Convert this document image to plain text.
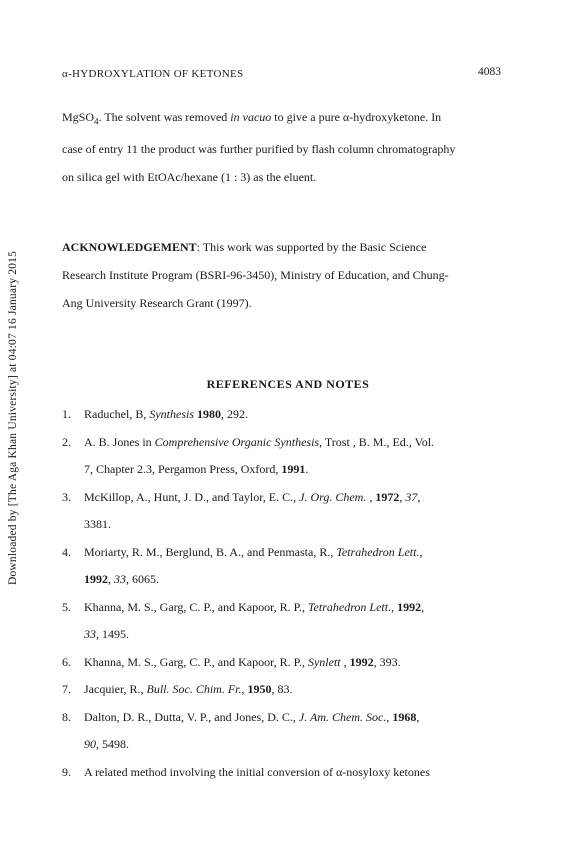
α-HYDROXYLATION OF KETONES	4083
Downloaded by [The Aga Khan University] at 04:07 16 January 2015
MgSO$_4$. The solvent was removed in vacuo to give a pure α-hydroxyketone. In
case of entry 11 the product was further purified by flash column chromatography
on silica gel with EtOAc/hexane (1 : 3) as the eluent.
ACKNOWLEDGEMENT: This work was supported by the Basic Science
Research Institute Program (BSRI-96-3450), Ministry of Education, and Chung-
Ang University Research Grant (1997).
REFERENCES AND NOTES
1.	Raduchel, B, Synthesis 1980, 292.
2.	A. B. Jones in Comprehensive Organic Synthesis, Trost , B. M., Ed., Vol.
7, Chapter 2.3, Pergamon Press, Oxford, 1991.
3.	McKillop, A., Hunt, J. D., and Taylor, E. C., J. Org. Chem. , 1972, 37,
3381.
4.	Moriarty, R. M., Berglund, B. A., and Penmasta, R., Tetrahedron Lett.,
1992, 33, 6065.
5.	Khanna, M. S., Garg, C. P., and Kapoor, R. P., Tetrahedron Lett., 1992,
33, 1495.
6.	Khanna, M. S., Garg, C. P., and Kapoor, R. P., Synlett , 1992, 393.
7.	Jacquier, R., Bull. Soc. Chim. Fr., 1950, 83.
8.	Dalton, D. R., Dutta, V. P., and Jones, D. C., J. Am. Chem. Soc., 1968,
90, 5498.
9.	A related method involving the initial conversion of α-nosyloxy ketones
